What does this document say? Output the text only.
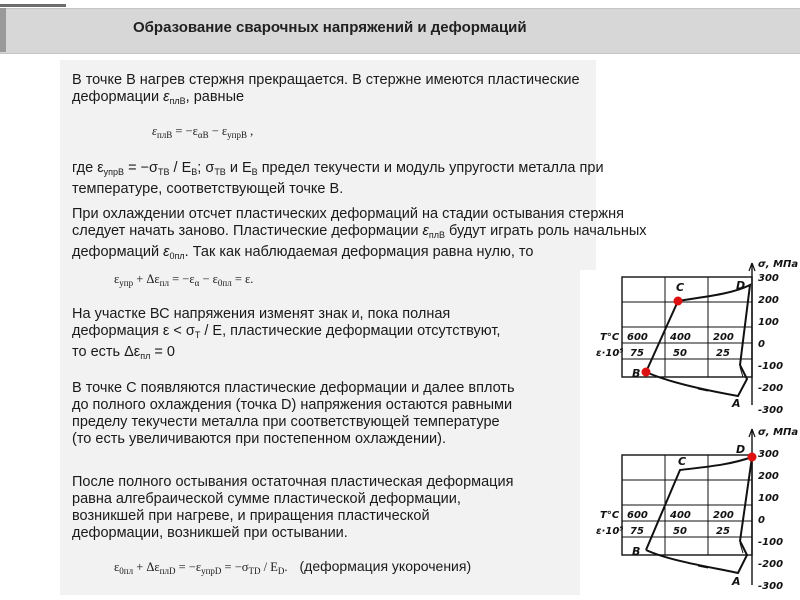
Образование сварочных напряжений и деформаций
В точке В нагрев стержня прекращается. В стержне имеются пластические
деформации $\varepsilon_{плВ}$, равные
$\varepsilon_{плВ} = -\varepsilon_{\alpha В} - \varepsilon_{упрВ}$ ,
где $\varepsilon_{упрВ} = -\sigma_{ТВ} / Е_В$; $\sigma_{ТВ}$ и $Е_В$ предел текучести и модуль упругости металла при
температуре, соответствующей точке В.
При охлаждении отсчет пластических деформаций на стадии остывания стержня
следует начать заново. Пластические деформации $\varepsilon_{плВ}$ будут играть роль начальных
деформаций $\varepsilon_{0пл}$. Так как наблюдаемая деформация равна нулю, то
$\varepsilon_{упр} + \Delta\varepsilon_{пл} = -\varepsilon_\alpha - \varepsilon_{0пл} = \varepsilon$.
На участке ВС напряжения изменят знак и, пока полная
деформация $\varepsilon < \sigma_Т / Е$, пластические деформации отсутствуют,
то есть $\Delta\varepsilon_{пл} = 0$
В точке С появляются пластические деформации и далее вплоть
до полного охлаждения (точка D) напряжения остаются равными
пределу текучести металла при соответствующей температуре
(то есть увеличиваются при постепенном охлаждении).
После полного остывания остаточная пластическая деформация
равна алгебраической сумме пластической деформации,
возникшей при нагреве, и приращения пластической
деформации, возникшей при остывании.
$\varepsilon_{0пл} + \Delta\varepsilon_{плD} = -\varepsilon_{упрD} = -\sigma_{ТD} / Е_D$. (деформация укорочения)
σ, МПа
300
200
100
0
-100
-200
-300
T°C
ε·10⁵
600 400 200
75	50	25
B
C	D
A
σ, МПа
300
200
100
0
-100
-200
-300
T°C
ε·10⁵
600 400 200
75	50	25
B
C
D
A
